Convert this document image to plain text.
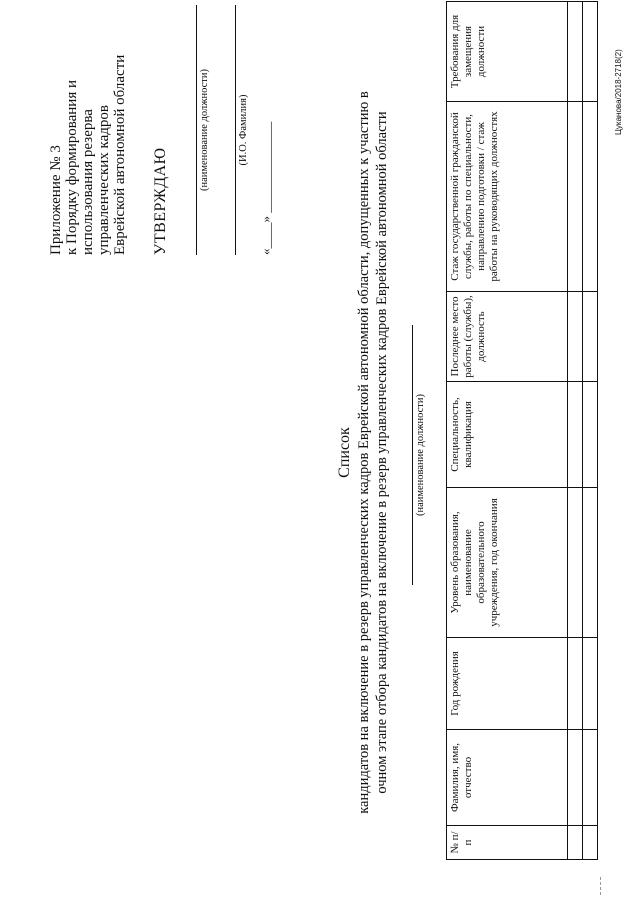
Приложение № 3 к Порядку формирования и использования резерва управленческих кадров Еврейской автономной области УТВЕРЖДАЮ
(наименование должности)	(И.О. Фамилия) «____» ______________
Список кандидатов на включение в резерв управленческих кадров Еврейской автономной области, допущенных к участию в очном этапе отбора кандидатов на включение в резерв управленческих кадров Еврейской автономной области (наименование должности)
№ п/п	Фамилия, имя, отчество	Год рождения	Уровень образования, наименование образовательного учреждения, год окончания	Специальность, квалификация	Последнее место работы (службы), должность	Стаж государственной гражданской службы, работы по специальности, направлению подготовки / стаж работы на руководящих должностях	Требования для замещения должности

								Цуканова/2018-2718(2)
